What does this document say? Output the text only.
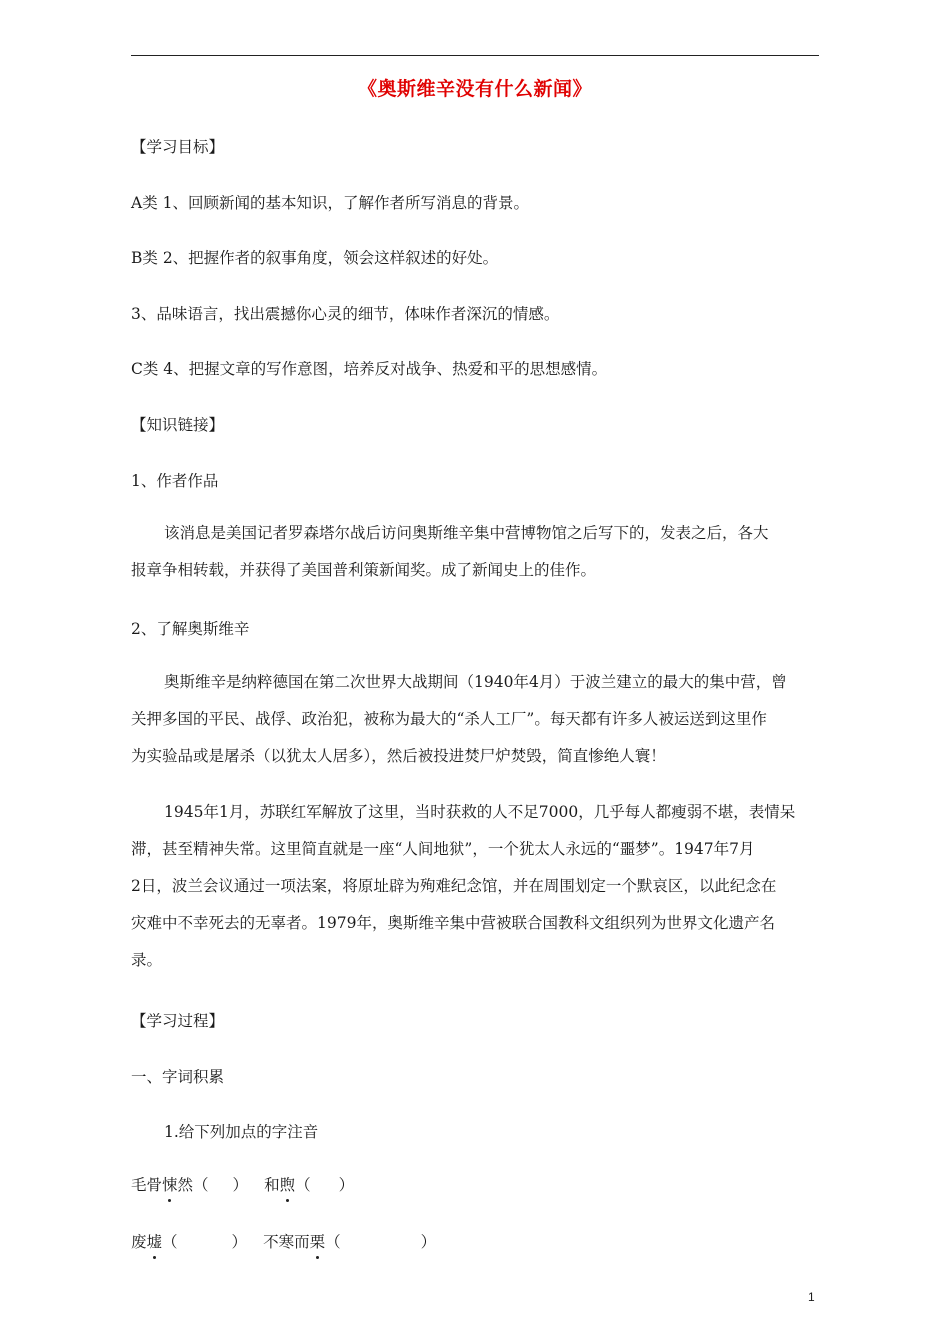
《奥斯维辛没有什么新闻》
【学习目标】
A类 1、回顾新闻的基本知识，了解作者所写消息的背景。
B类 2、把握作者的叙事角度，领会这样叙述的好处。
3、品味语言，找出震撼你心灵的细节，体味作者深沉的情感。
C类 4、把握文章的写作意图，培养反对战争、热爱和平的思想感情。
【知识链接】
1、作者作品
该消息是美国记者罗森塔尔战后访问奥斯维辛集中营博物馆之后写下的，发表之后，各大
报章争相转载，并获得了美国普利策新闻奖。成了新闻史上的佳作。
2、了解奥斯维辛
奥斯维辛是纳粹德国在第二次世界大战期间（1940年4月）于波兰建立的最大的集中营，曾
关押多国的平民、战俘、政治犯，被称为最大的“杀人工厂”。每天都有许多人被运送到这里作
为实验品或是屠杀（以犹太人居多），然后被投进焚尸炉焚毁，简直惨绝人寰！
1945年1月，苏联红军解放了这里，当时获救的人不足7000，几乎每人都瘦弱不堪，表情呆
滞，甚至精神失常。这里简直就是一座“人间地狱”，一个犹太人永远的“噩梦”。1947年7月
2日，波兰会议通过一项法案，将原址辟为殉难纪念馆，并在周围划定一个默哀区，以此纪念在
灾难中不幸死去的无辜者。1979年，奥斯维辛集中营被联合国教科文组织列为世界文化遗产名
录。
【学习过程】
一、字词积累
1.给下列加点的字注音
毛骨悚然（ ） 和煦（ ）
废墟（	） 不寒而栗（	）
1
